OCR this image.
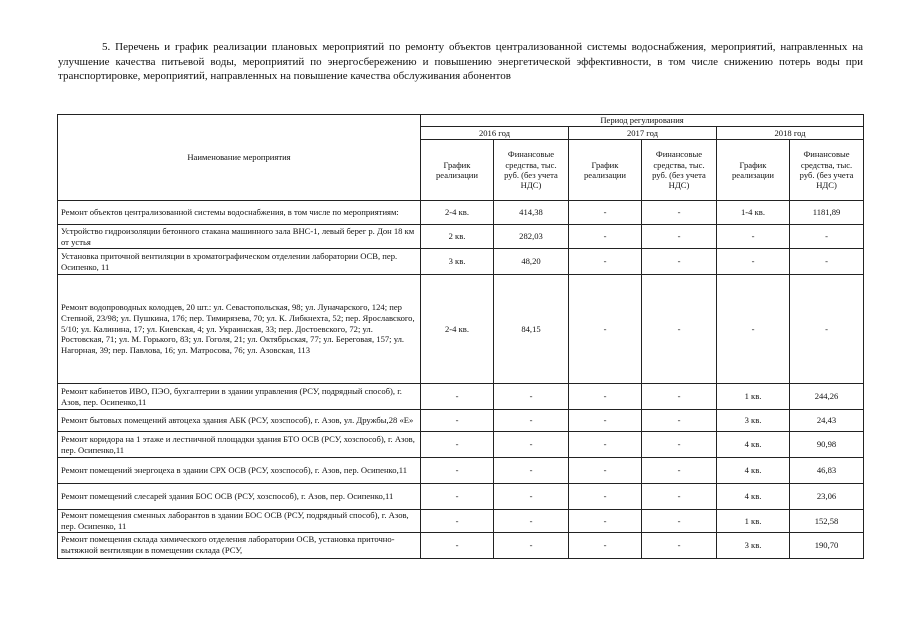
5. Перечень и график реализации плановых мероприятий по ремонту объектов централизованной системы водоснабжения, мероприятий, направленных на улучшение качества питьевой воды, мероприятий по энергосбережению и повышению энергетической эффективности, в том числе снижению потерь воды при транспортировке, мероприятий, направленных на повышение качества обслуживания абонентов
Наименование мероприятия	Период регулирования					
	2016 год		2017 год		2018 год	
	График реализации	Финансовые средства, тыс. руб. (без учета НДС)	График реализации	Финансовые средства, тыс. руб. (без учета НДС)	График реализации	Финансовые средства, тыс. руб. (без учета НДС)
Ремонт объектов централизованной системы водоснабжения, в том числе по мероприятиям:	2-4 кв.	414,38	-	-	1-4 кв.	1181,89
Устройство гидроизоляции бетонного стакана машинного зала ВНС-1, левый берег р. Дон 18 км от устья	2 кв.	282,03	-	-	-	-
Установка приточной вентиляции в хроматографическом отделении лаборатории ОСВ, пер. Осипенко, 11	3 кв.	48,20	-	-	-	-
Ремонт водопроводных колодцев, 20 шт.: ул. Севастопольская, 98; ул. Луначарского, 124; пер Степной, 23/98; ул. Пушкина, 176; пер. Тимирязева, 70; ул. К. Либкнехта, 52; пер. Ярославского, 5/10; ул. Калинина, 17; ул. Киевская, 4; ул. Украинская, 33; пер. Достоевского, 72; ул. Ростовская, 71; ул. М. Горького, 83; ул. Гоголя, 21; ул. Октябрьская, 77; ул. Береговая, 157; ул. Нагорная, 39; пер. Павлова, 16; ул. Матросова, 76; ул. Азовская, 113	2-4 кв.	84,15	-	-	-	-
Ремонт кабинетов ИВО, ПЭО, бухгалтерии в здании управления (РСУ, подрядный способ), г. Азов, пер. Осипенко,11	-	-	-	-	1 кв.	244,26
Ремонт бытовых помещений автоцеха здания АБК (РСУ, хозспособ), г. Азов, ул. Дружбы,28 «Е»	-	-	-	-	3 кв.	24,43
Ремонт коридора на 1 этаже и лестничной площадки здания БТО ОСВ (РСУ, хозспособ), г. Азов, пер. Осипенко,11	-	-	-	-	4 кв.	90,98
Ремонт помещений энергоцеха в здании СРХ ОСВ (РСУ, хозспособ), г. Азов, пер. Осипенко,11	-	-	-	-	4 кв.	46,83
Ремонт помещений слесарей здания БОС ОСВ (РСУ, хозспособ), г. Азов, пер. Осипенко,11	-	-	-	-	4 кв.	23,06
Ремонт помещения сменных лаборантов в здании БОС ОСВ (РСУ, подрядный способ), г. Азов, пер. Осипенко, 11	-	-	-	-	1 кв.	152,58
Ремонт помещения склада химического отделения лаборатории ОСВ, установка приточно-вытяжной вентиляции в помещении склада (РСУ,	-	-	-	-	3 кв.	190,70
